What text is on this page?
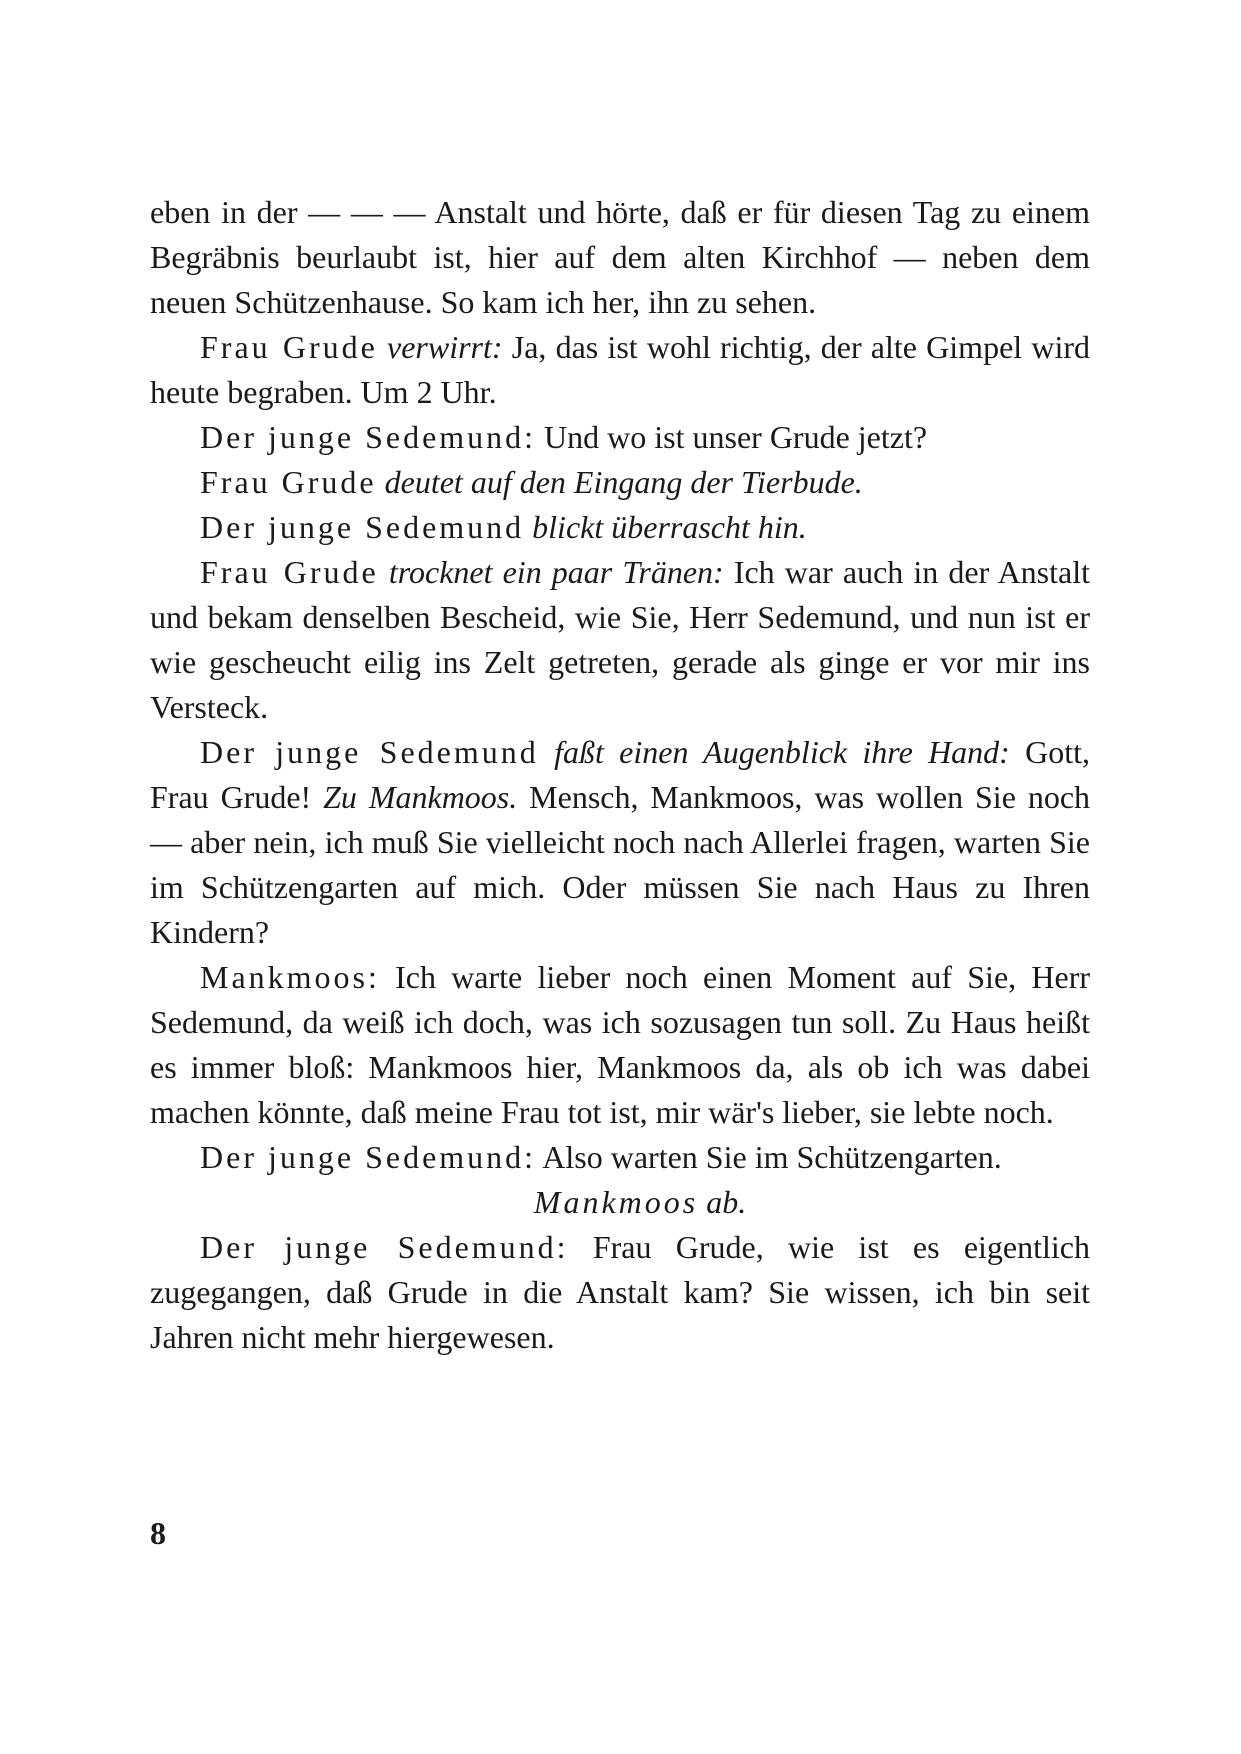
eben in der — — — Anstalt und hörte, daß er für diesen Tag zu einem Begräbnis beurlaubt ist, hier auf dem alten Kirchhof — neben dem neuen Schützenhause. So kam ich her, ihn zu sehen.

Frau Grude verwirrt: Ja, das ist wohl richtig, der alte Gimpel wird heute begraben. Um 2 Uhr.

Der junge Sedemund: Und wo ist unser Grude jetzt?

Frau Grude deutet auf den Eingang der Tierbude.

Der junge Sedemund blickt überrascht hin.

Frau Grude trocknet ein paar Tränen: Ich war auch in der Anstalt und bekam denselben Bescheid, wie Sie, Herr Sedemund, und nun ist er wie gescheucht eilig ins Zelt getreten, gerade als ginge er vor mir ins Versteck.

Der junge Sedemund faßt einen Augenblick ihre Hand: Gott, Frau Grude! Zu Mankmoos. Mensch, Mankmoos, was wollen Sie noch — aber nein, ich muß Sie vielleicht noch nach Allerlei fragen, warten Sie im Schützengarten auf mich. Oder müssen Sie nach Haus zu Ihren Kindern?

Mankmoos: Ich warte lieber noch einen Moment auf Sie, Herr Sedemund, da weiß ich doch, was ich sozusagen tun soll. Zu Haus heißt es immer bloß: Mankmoos hier, Mankmoos da, als ob ich was dabei machen könnte, daß meine Frau tot ist, mir wär's lieber, sie lebte noch.

Der junge Sedemund: Also warten Sie im Schützengarten.

Mankmoos ab.

Der junge Sedemund: Frau Grude, wie ist es eigentlich zugegangen, daß Grude in die Anstalt kam? Sie wissen, ich bin seit Jahren nicht mehr hiergewesen.

8
